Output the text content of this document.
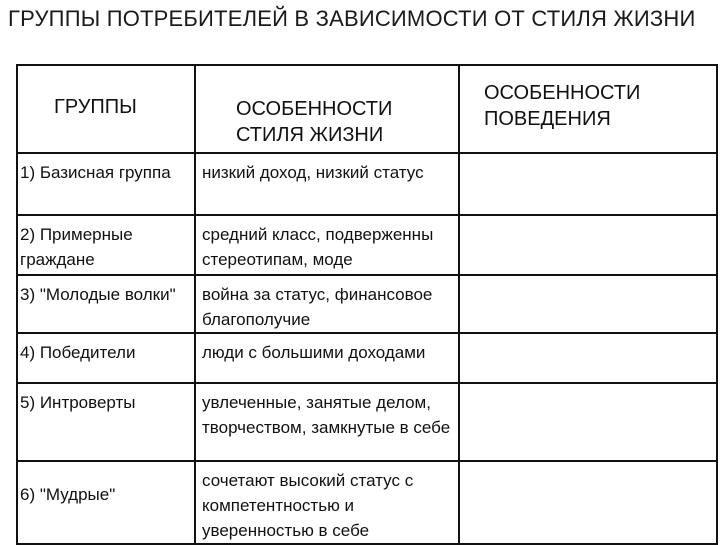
ГРУППЫ ПОТРЕБИТЕЛЕЙ В ЗАВИСИМОСТИ ОТ СТИЛЯ ЖИЗНИ
ГРУППЫ	ОСОБЕННОСТИ СТИЛЯ ЖИЗНИ	ОСОБЕННОСТИ ПОВЕДЕНИЯ
1) Базисная группа	низкий доход, низкий статус	
2) Примерные граждане	средний класс, подверженны стереотипам, моде	
3) "Молодые волки"	война за статус, финансовое благополучие	
4) Победители	люди с большими доходами	
5) Интроверты	увлеченные, занятые делом, творчеством, замкнутые в себе	
6) "Мудрые"	сочетают высокий статус с компетентностью и уверенностью в себе	
